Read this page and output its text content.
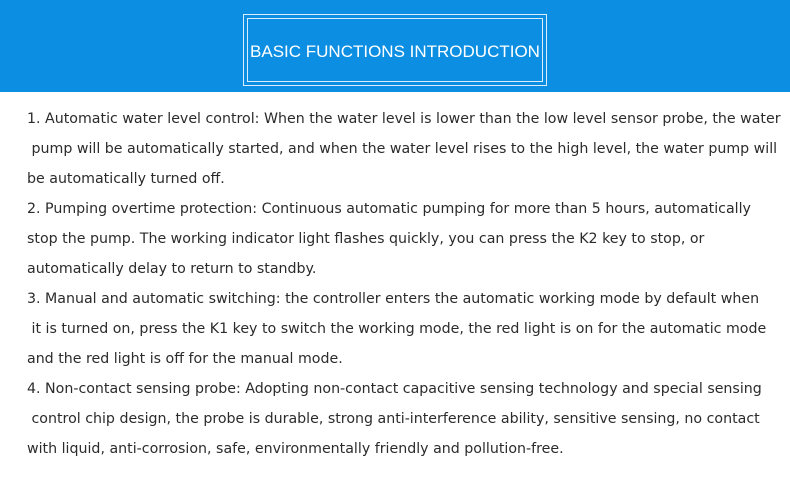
BASIC FUNCTIONS INTRODUCTION
1. Automatic water level control: When the water level is lower than the low level sensor probe, the water
pump will be automatically started, and when the water level rises to the high level, the water pump will
be automatically turned off.
2. Pumping overtime protection: Continuous automatic pumping for more than 5 hours, automatically
stop the pump. The working indicator light flashes quickly, you can press the K2 key to stop, or
automatically delay to return to standby.
3. Manual and automatic switching: the controller enters the automatic working mode by default when
it is turned on, press the K1 key to switch the working mode, the red light is on for the automatic mode
and the red light is off for the manual mode.
4. Non-contact sensing probe: Adopting non-contact capacitive sensing technology and special sensing
control chip design, the probe is durable, strong anti-interference ability, sensitive sensing, no contact
with liquid, anti-corrosion, safe, environmentally friendly and pollution-free.
